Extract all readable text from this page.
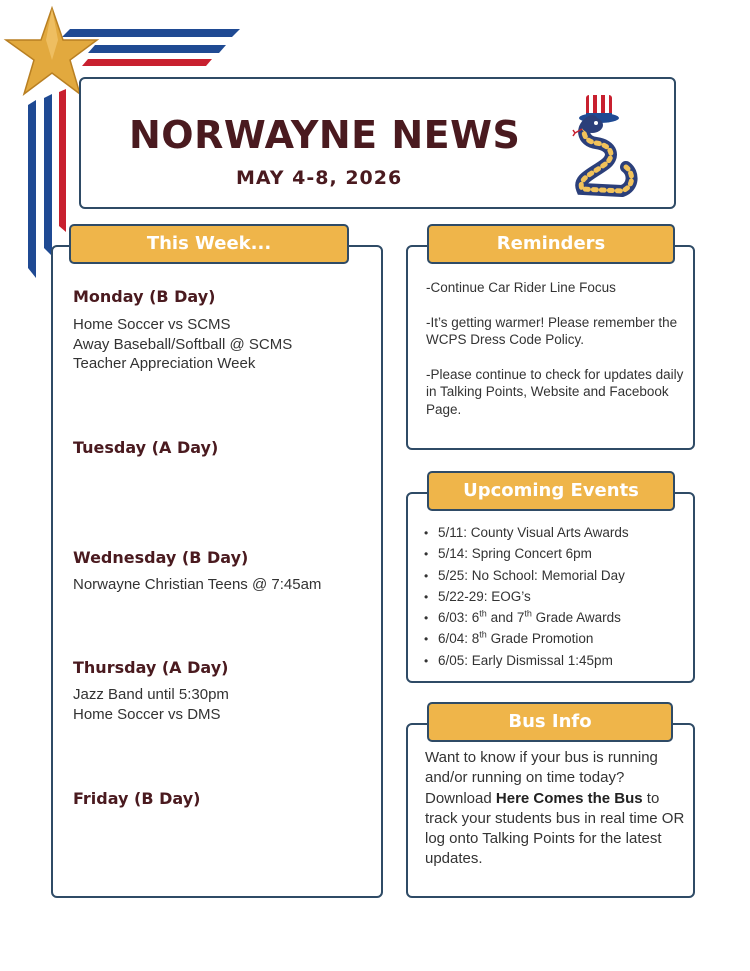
NORWAYNE NEWS
MAY 4-8, 2026
This Week...
Monday (B Day)
Home Soccer vs SCMS
Away Baseball/Softball @ SCMS
Teacher Appreciation Week
Tuesday (A Day)
Wednesday (B Day)
Norwayne Christian Teens @ 7:45am
Thursday (A Day)
Jazz Band until 5:30pm
Home Soccer vs DMS
Friday (B Day)
Reminders

-Continue Car Rider Line Focus

-It’s getting warmer! Please remember the WCPS Dress Code Policy.

-Please continue to check for updates daily in Talking Points, Website and Facebook Page.

Upcoming Events
• 5/11: County Visual Arts Awards
• 5/14: Spring Concert 6pm
• 5/25: No School: Memorial Day
• 5/22-29: EOG’s
• 6/03: 6th and 7th Grade Awards
• 6/04: 8th Grade Promotion
• 6/05: Early Dismissal 1:45pm
Bus Info
Want to know if your bus is running and/or running on time today?
Download Here Comes the Bus to track your students bus in real time OR log onto Talking Points for the latest updates.
